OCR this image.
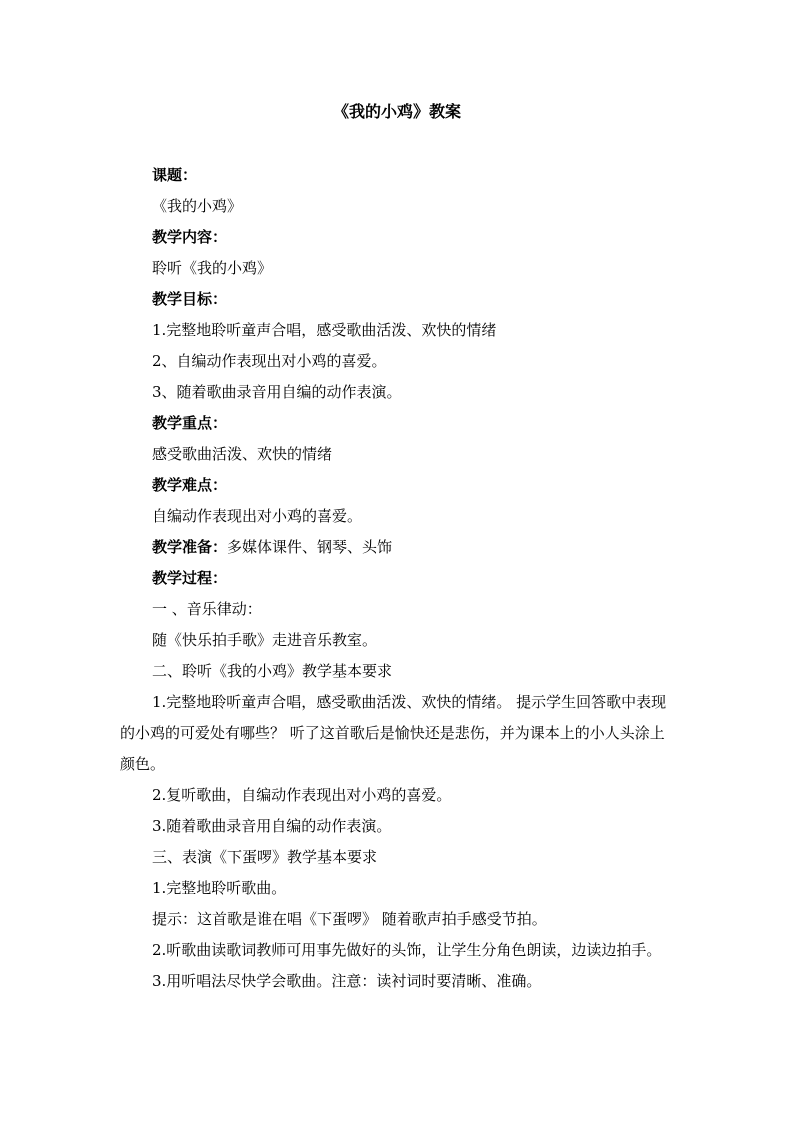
《我的小鸡》教案

课题：

《我的小鸡》

教学内容：

聆听《我的小鸡》

教学目标：

1.完整地聆听童声合唱，感受歌曲活泼、欢快的情绪

2、自编动作表现出对小鸡的喜爱。

3、随着歌曲录音用自编的动作表演。

教学重点：

感受歌曲活泼、欢快的情绪

教学难点：

自编动作表现出对小鸡的喜爱。

教学准备：多媒体课件、钢琴、头饰

教学过程：

一 、音乐律动：

随《快乐拍手歌》走进音乐教室。

二、聆听《我的小鸡》教学基本要求

1.完整地聆听童声合唱，感受歌曲活泼、欢快的情绪。 提示学生回答歌中表现的小鸡的可爱处有哪些？ 听了这首歌后是愉快还是悲伤，并为课本上的小人头涂上颜色。

2.复听歌曲，自编动作表现出对小鸡的喜爱。

3.随着歌曲录音用自编的动作表演。

三、表演《下蛋啰》教学基本要求

1.完整地聆听歌曲。

提示：这首歌是谁在唱《下蛋啰》 随着歌声拍手感受节拍。

2.听歌曲读歌词教师可用事先做好的头饰，让学生分角色朗读，边读边拍手。

3.用听唱法尽快学会歌曲。注意：读衬词时要清晰、准确。
